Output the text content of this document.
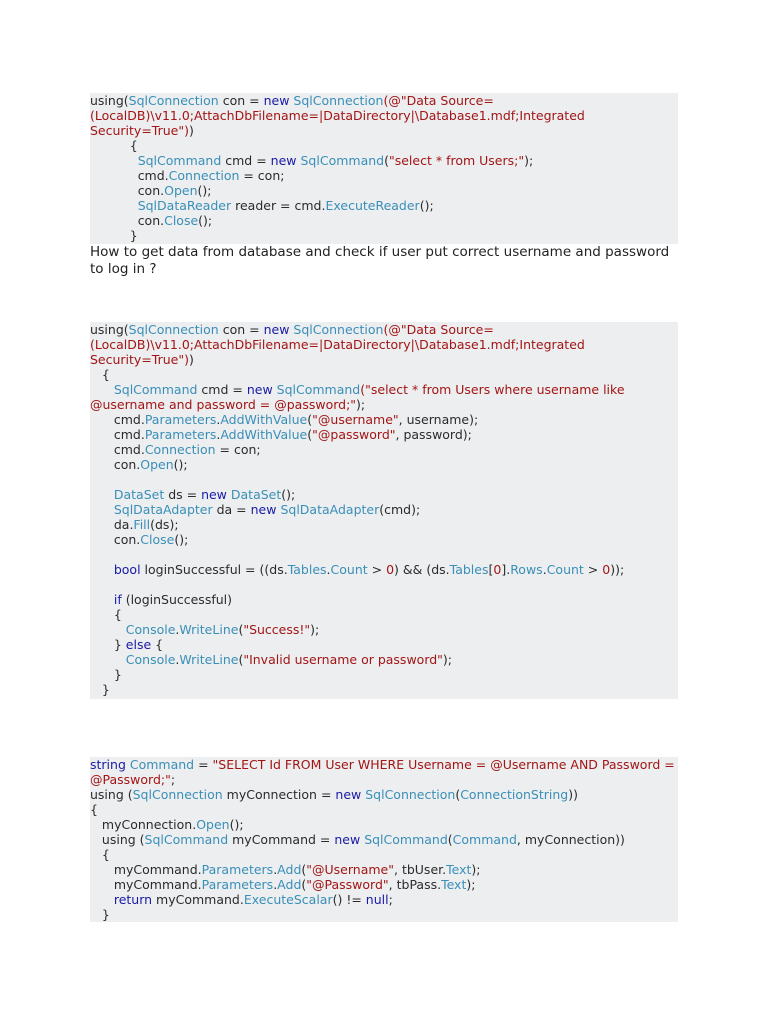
using(SqlConnection con = new SqlConnection(@"Data Source=(LocalDB)\v11.0;AttachDbFilename=|DataDirectory|\Database1.mdf;Integrated Security=True"))
{
SqlCommand cmd = new SqlCommand("select * from Users;");
cmd.Connection = con;
con.Open();
SqlDataReader reader = cmd.ExecuteReader();
con.Close();
}
How to get data from database and check if user put correct username and password to log in ?
using(SqlConnection con = new SqlConnection(@"Data Source=(LocalDB)\v11.0;AttachDbFilename=|DataDirectory|\Database1.mdf;Integrated Security=True"))
{
SqlCommand cmd = new SqlCommand("select * from Users where username like @username and password = @password;");
cmd.Parameters.AddWithValue("@username", username);
cmd.Parameters.AddWithValue("@password", password);
cmd.Connection = con;
con.Open();
DataSet ds = new DataSet();
SqlDataAdapter da = new SqlDataAdapter(cmd);
da.Fill(ds);
con.Close();
bool loginSuccessful = ((ds.Tables.Count > 0) && (ds.Tables[0].Rows.Count > 0));
if (loginSuccessful)
{
Console.WriteLine("Success!");
} else {
Console.WriteLine("Invalid username or password");
}
}
string Command = "SELECT Id FROM User WHERE Username = @Username AND Password = @Password;";
using (SqlConnection myConnection = new SqlConnection(ConnectionString))
{
myConnection.Open();
using (SqlCommand myCommand = new SqlCommand(Command, myConnection))
{
myCommand.Parameters.Add("@Username", tbUser.Text);
myCommand.Parameters.Add("@Password", tbPass.Text);
return myCommand.ExecuteScalar() != null;
}
